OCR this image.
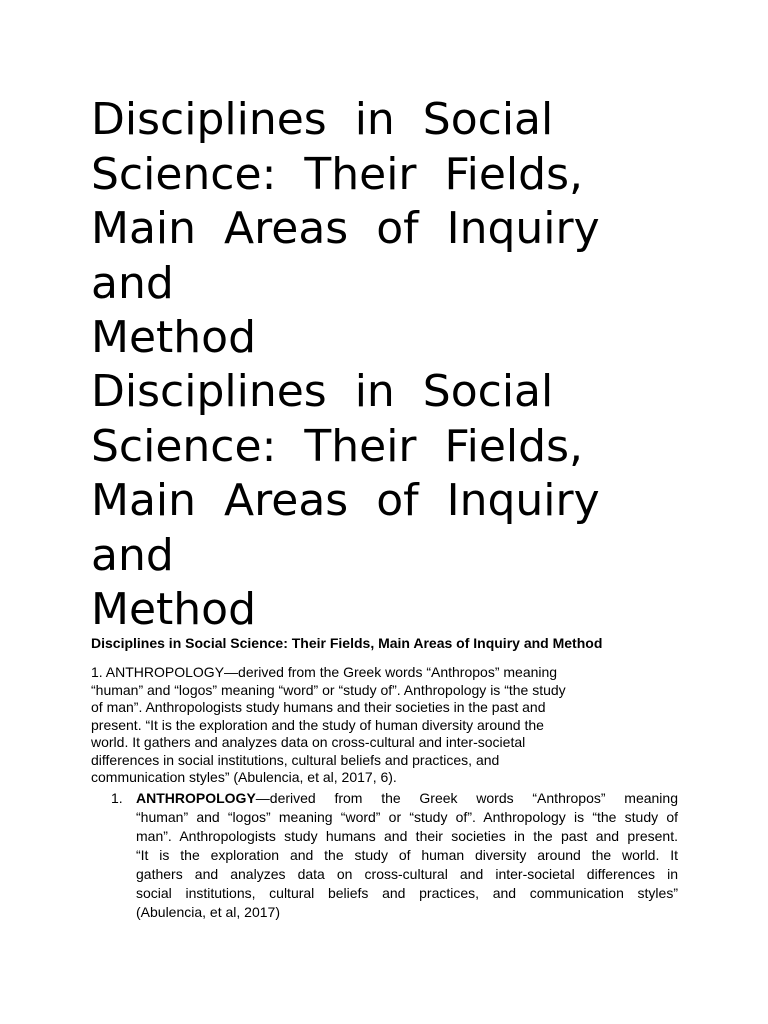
Disciplines in Social
Science: Their Fields,
Main Areas of Inquiry
and
Method
Disciplines in Social
Science: Their Fields,
Main Areas of Inquiry
and
Method
Disciplines in Social Science: Their Fields, Main Areas of Inquiry and Method
1. ANTHROPOLOGY—derived from the Greek words “Anthropos” meaning
“human” and “logos” meaning “word” or “study of”. Anthropology is “the study
of man”. Anthropologists study humans and their societies in the past and
present. “It is the exploration and the study of human diversity around the
world. It gathers and analyzes data on cross-cultural and inter-societal
differences in social institutions, cultural beliefs and practices, and
communication styles” (Abulencia, et al, 2017, 6).
1. ANTHROPOLOGY—derived from the Greek words “Anthropos” meaning
“human” and “logos” meaning “word” or “study of”. Anthropology is “the study of
man”. Anthropologists study humans and their societies in the past and present.
“It is the exploration and the study of human diversity around the world. It
gathers and analyzes data on cross-cultural and inter-societal differences in
social institutions, cultural beliefs and practices, and communication styles”
(Abulencia, et al, 2017)
